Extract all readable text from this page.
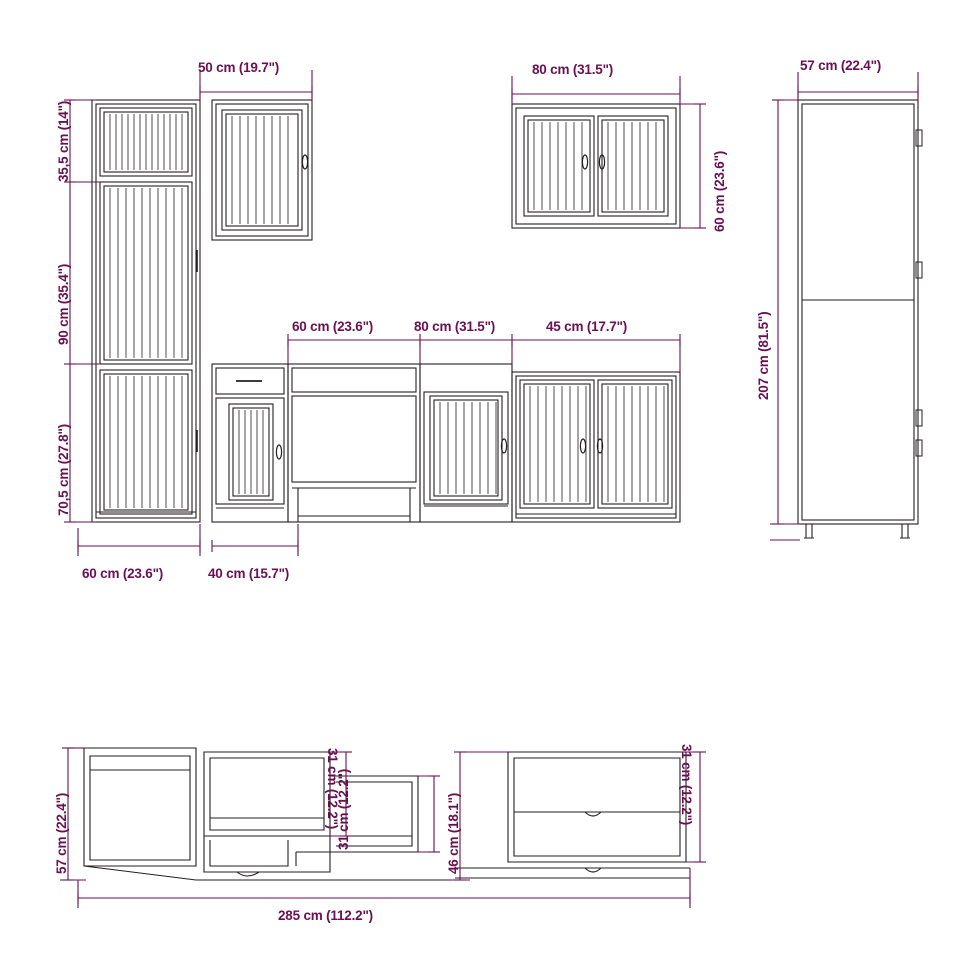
50 cm (19.7")
35,5 cm (14")
90 cm (35.4")
70,5 cm (27.8")
60 cm (23.6")	80 cm (31.5")	45 cm (17.7")
60 cm (23.6")	40 cm (15.7")
80 cm (31.5")
60 cm (23.6")
57 cm (22.4")
207 cm (81.5")
57 cm (22.4")
31 cm (12.2")
31 cm (12.2")	46 cm (18.1")
31 cm (12.2")
285 cm (112.2")
